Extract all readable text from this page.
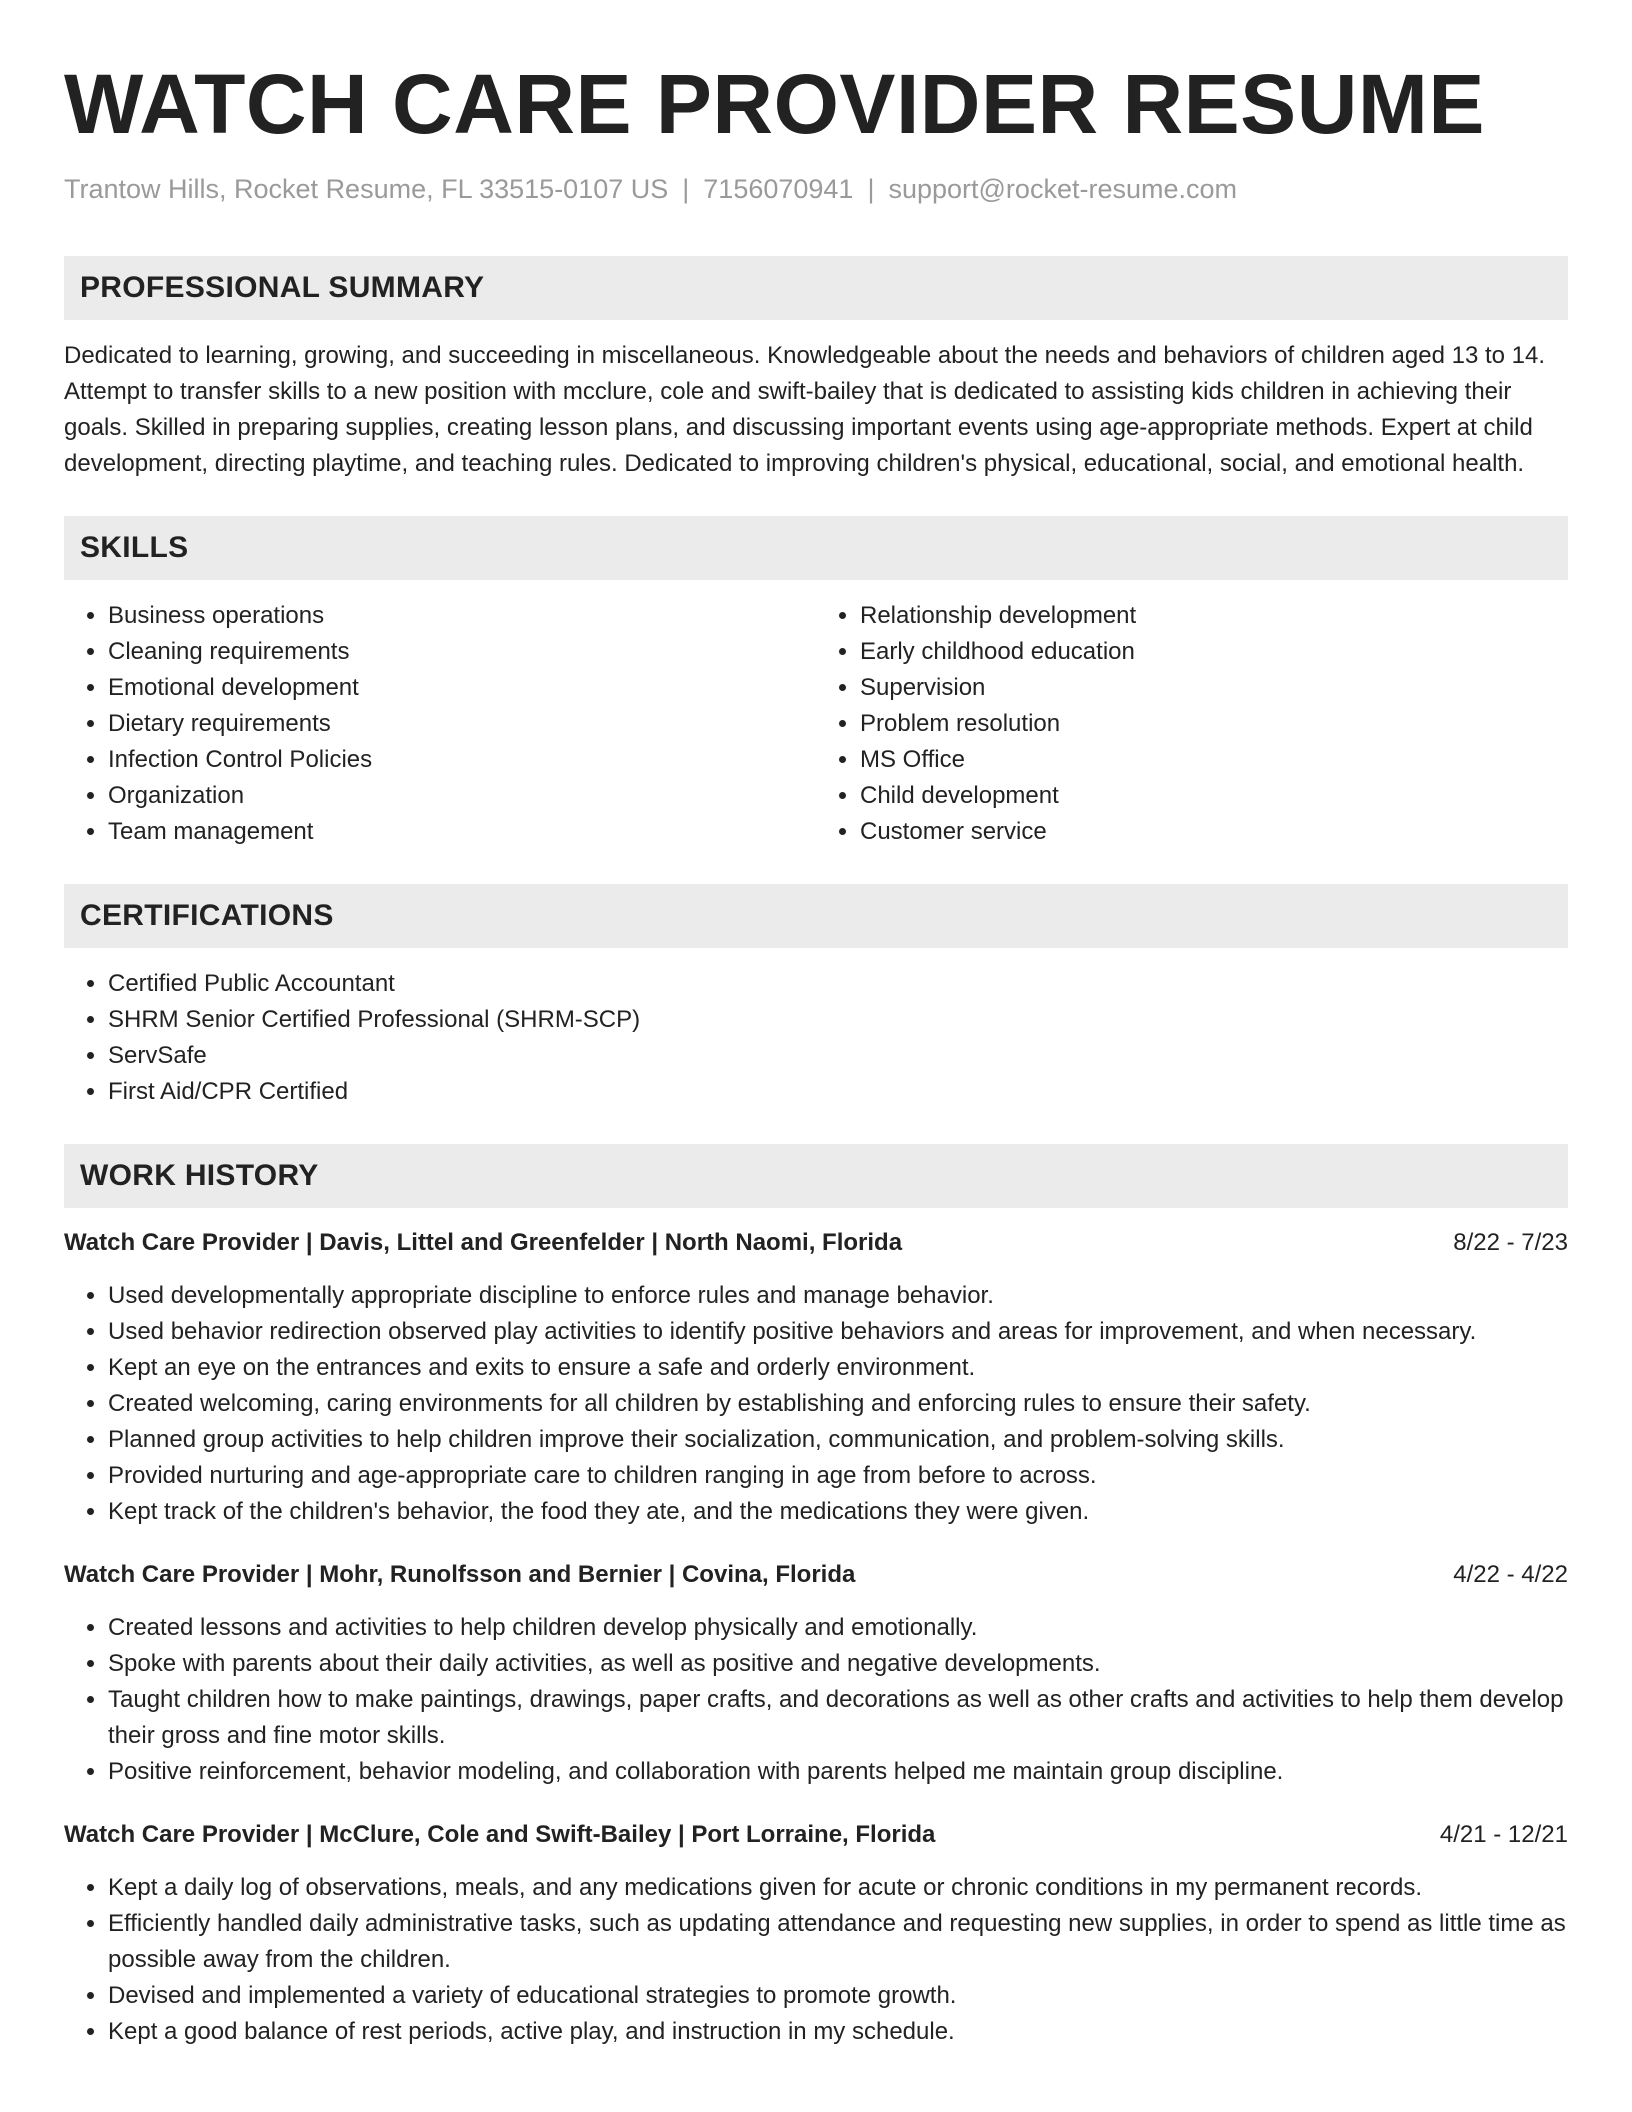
WATCH CARE PROVIDER RESUME
Trantow Hills, Rocket Resume, FL 33515-0107 US | 7156070941 | support@rocket-resume.com
PROFESSIONAL SUMMARY

Dedicated to learning, growing, and succeeding in miscellaneous. Knowledgeable about the needs and behaviors of children aged 13 to 14. Attempt to transfer skills to a new position with mcclure, cole and swift-bailey that is dedicated to assisting kids children in achieving their goals. Skilled in preparing supplies, creating lesson plans, and discussing important events using age-appropriate methods. Expert at child development, directing playtime, and teaching rules. Dedicated to improving children's physical, educational, social, and emotional health.

SKILLS
• Business operations
• Cleaning requirements
• Emotional development
• Dietary requirements
• Infection Control Policies
• Organization
• Team management
• Relationship development
• Early childhood education
• Supervision
• Problem resolution
• MS Office
• Child development
• Customer service
CERTIFICATIONS
• Certified Public Accountant
• SHRM Senior Certified Professional (SHRM-SCP)
• ServSafe
• First Aid/CPR Certified
WORK HISTORY
Watch Care Provider | Davis, Littel and Greenfelder | North Naomi, Florida	8/22 - 7/23
• Used developmentally appropriate discipline to enforce rules and manage behavior.
• Used behavior redirection observed play activities to identify positive behaviors and areas for improvement, and when necessary.
• Kept an eye on the entrances and exits to ensure a safe and orderly environment.
• Created welcoming, caring environments for all children by establishing and enforcing rules to ensure their safety.
• Planned group activities to help children improve their socialization, communication, and problem-solving skills.
• Provided nurturing and age-appropriate care to children ranging in age from before to across.
• Kept track of the children's behavior, the food they ate, and the medications they were given.
Watch Care Provider | Mohr, Runolfsson and Bernier | Covina, Florida	4/22 - 4/22
• Created lessons and activities to help children develop physically and emotionally.
• Spoke with parents about their daily activities, as well as positive and negative developments.
• Taught children how to make paintings, drawings, paper crafts, and decorations as well as other crafts and activities to help them develop their gross and fine motor skills.
• Positive reinforcement, behavior modeling, and collaboration with parents helped me maintain group discipline.
Watch Care Provider | McClure, Cole and Swift-Bailey | Port Lorraine, Florida	4/21 - 12/21
• Kept a daily log of observations, meals, and any medications given for acute or chronic conditions in my permanent records.
• Efficiently handled daily administrative tasks, such as updating attendance and requesting new supplies, in order to spend as little time as possible away from the children.
• Devised and implemented a variety of educational strategies to promote growth.
• Kept a good balance of rest periods, active play, and instruction in my schedule.
